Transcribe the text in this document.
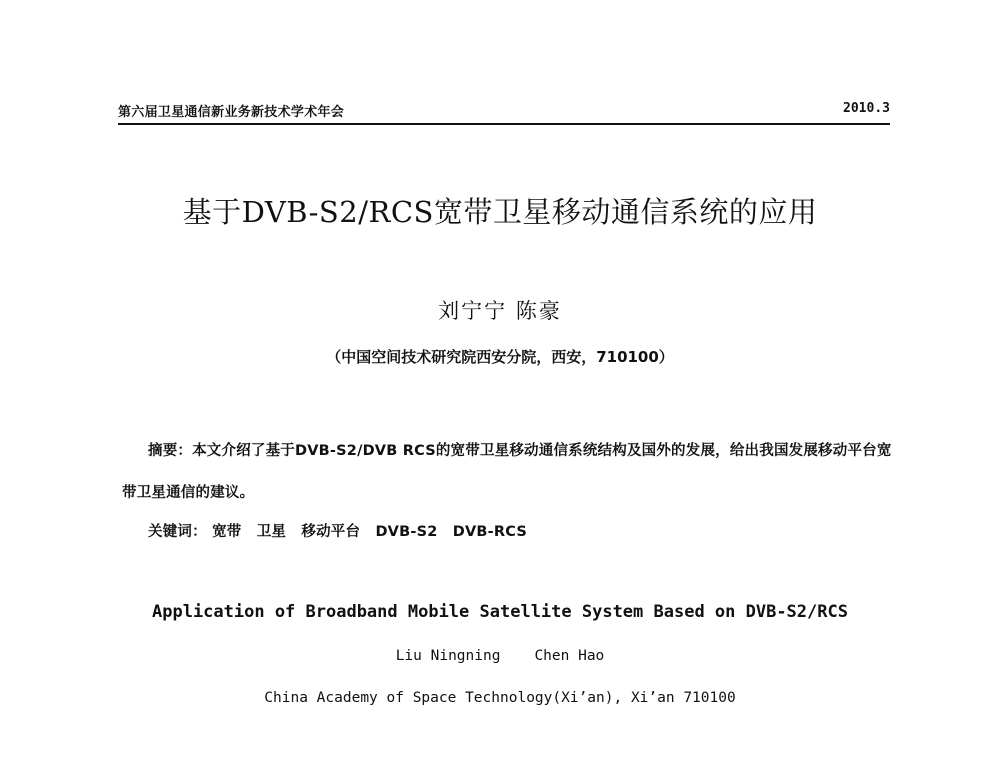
第六届卫星通信新业务新技术学术年会	2010.3
基于DVB-S2/RCS宽带卫星移动通信系统的应用
刘宁宁 陈豪
（中国空间技术研究院西安分院，西安，710100）
摘要：本文介绍了基于DVB-S2/DVB RCS的宽带卫星移动通信系统结构及国外的发展，给出我国发展移动平台宽带卫星通信的建议。
关键词： 宽带 卫星 移动平台 DVB-S2 DVB-RCS
Application of Broadband Mobile Satellite System Based on DVB-S2/RCS
Liu Ningning Chen Hao
China Academy of Space Technology(Xi’an), Xi’an 710100
